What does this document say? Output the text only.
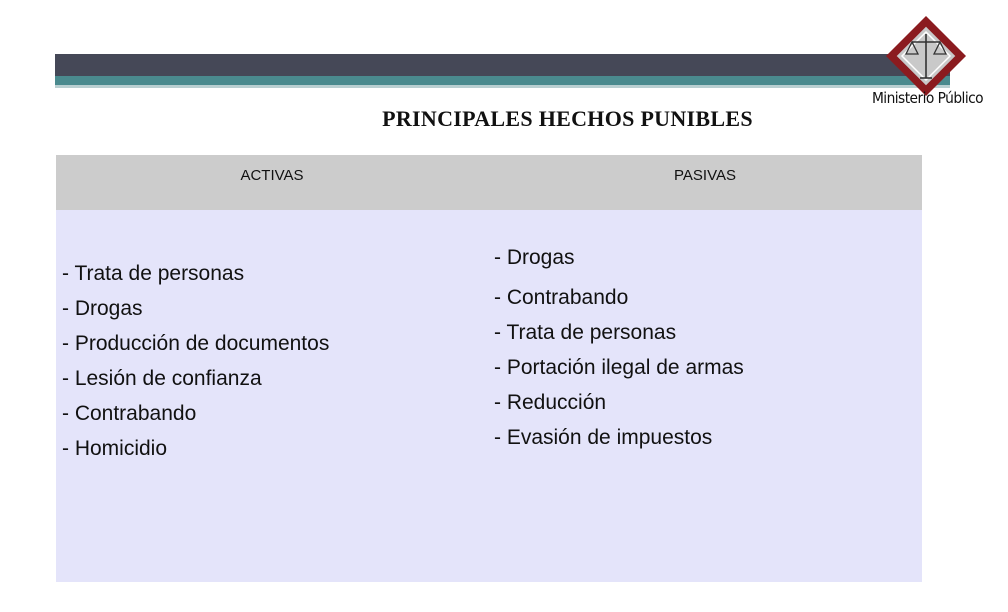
Ministerio Público
PRINCIPALES HECHOS PUNIBLES
ACTIVAS	PASIVAS
- Trata de personas
- Drogas
- Producción de documentos
- Lesión de confianza
- Contrabando
- Homicidio
- Drogas
- Contrabando
- Trata de personas
- Portación ilegal de armas
- Reducción
- Evasión de impuestos
